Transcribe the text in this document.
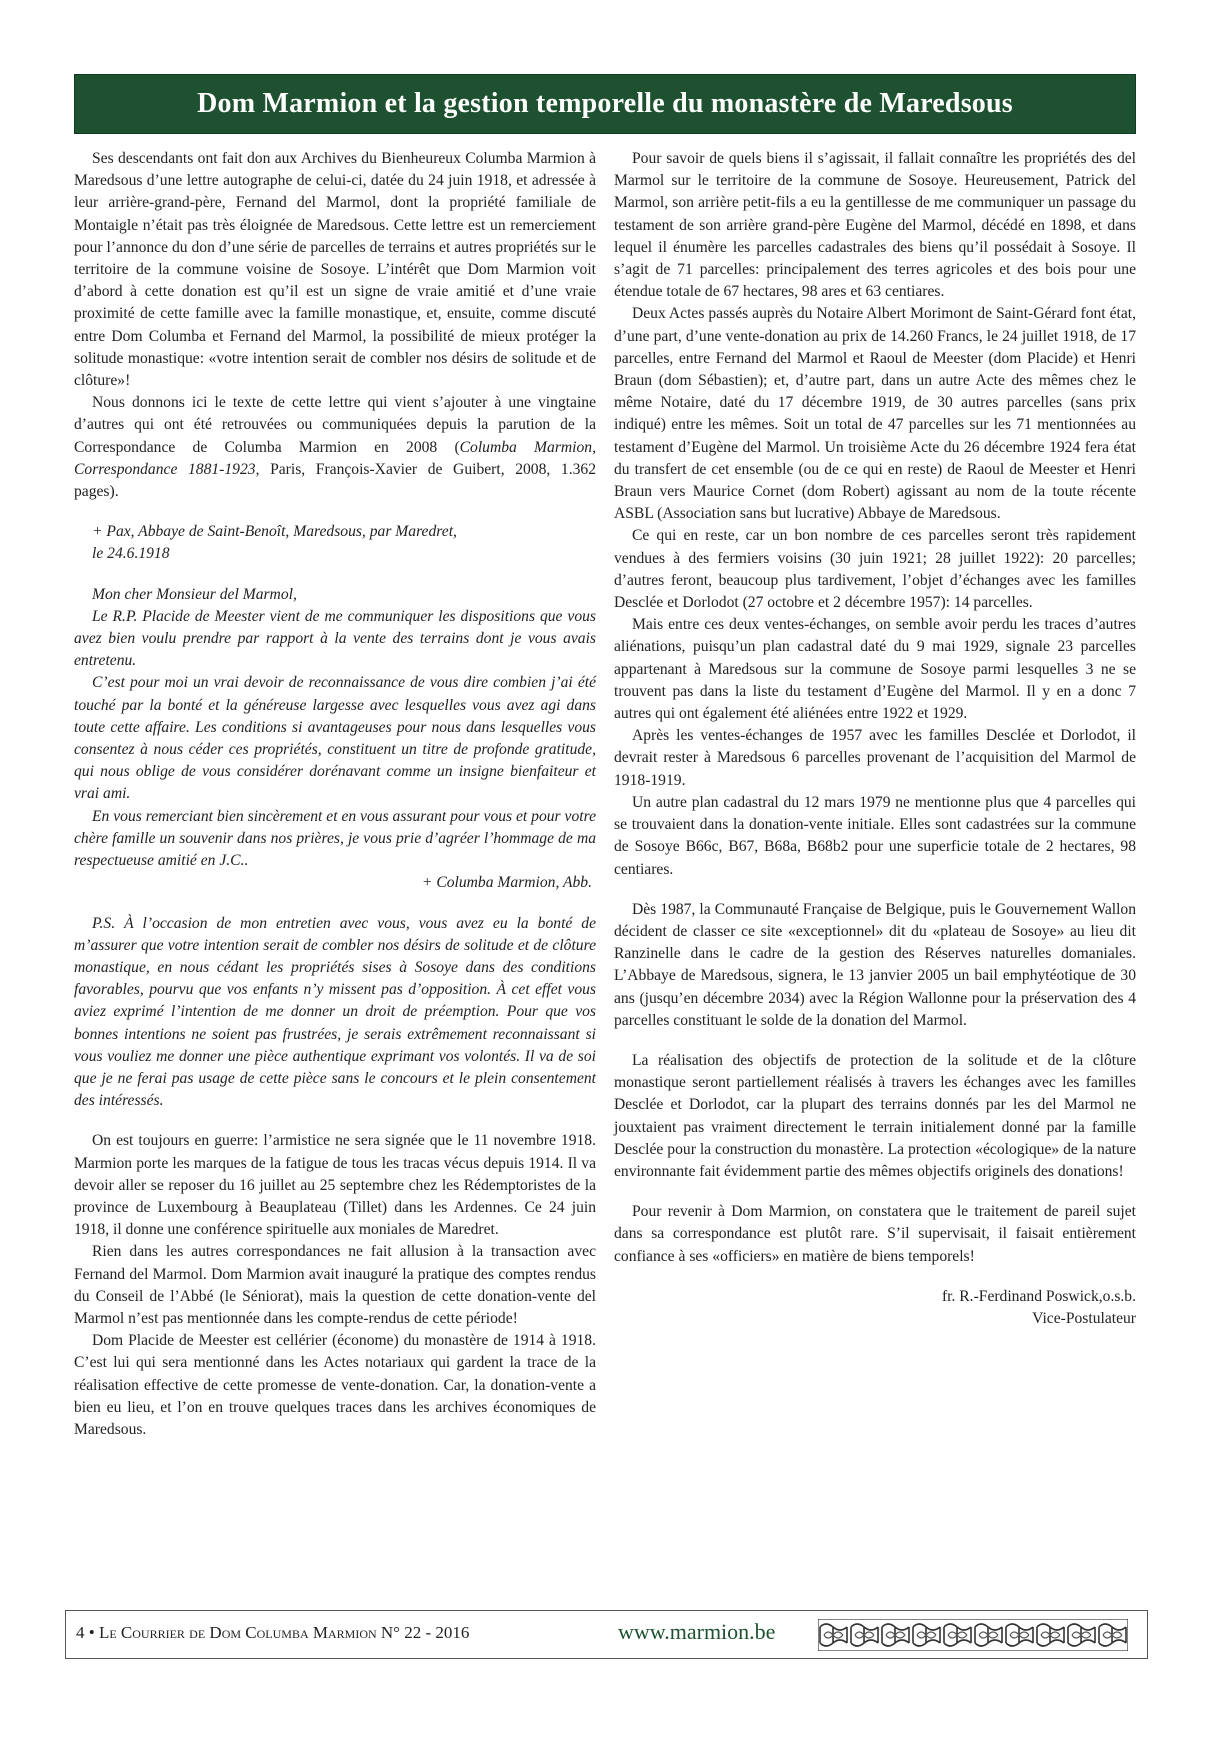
Dom Marmion et la gestion temporelle du monastère de Maredsous

Ses descendants ont fait don aux Archives du Bienheureux Columba Marmion à Maredsous d’une lettre autographe de celui-ci, datée du 24 juin 1918, et adressée à leur arrière-grand-père, Fernand del Marmol, dont la propriété familiale de Montaigle n’était pas très éloignée de Maredsous. Cette lettre est un remerciement pour l’annonce du don d’une série de parcelles de terrains et autres propriétés sur le territoire de la commune voisine de Sosoye. L’intérêt que Dom Marmion voit d’abord à cette donation est qu’il est un signe de vraie amitié et d’une vraie proximité de cette famille avec la famille monastique, et, ensuite, comme discuté entre Dom Columba et Fernand del Marmol, la possibilité de mieux protéger la solitude monastique: «votre intention serait de combler nos désirs de solitude et de clôture»!

Nous donnons ici le texte de cette lettre qui vient s’ajouter à une vingtaine d’autres qui ont été retrouvées ou communiquées depuis la parution de la Correspondance de Columba Marmion en 2008 (Columba Marmion, Correspondance 1881-1923, Paris, François-Xavier de Guibert, 2008, 1.362 pages).

+ Pax, Abbaye de Saint-Benoît, Maredsous, par Maredret,

le 24.6.1918

Mon cher Monsieur del Marmol,

Le R.P. Placide de Meester vient de me communiquer les dispositions que vous avez bien voulu prendre par rapport à la vente des terrains dont je vous avais entretenu.

C’est pour moi un vrai devoir de reconnaissance de vous dire combien j’ai été touché par la bonté et la généreuse largesse avec lesquelles vous avez agi dans toute cette affaire. Les conditions si avantageuses pour nous dans lesquelles vous consentez à nous céder ces propriétés, constituent un titre de profonde gratitude, qui nous oblige de vous considérer dorénavant comme un insigne bienfaiteur et vrai ami.

En vous remerciant bien sincèrement et en vous assurant pour vous et pour votre chère famille un souvenir dans nos prières, je vous prie d’agréer l’hommage de ma respectueuse amitié en J.C..

+ Columba Marmion, Abb.

P.S. À l’occasion de mon entretien avec vous, vous avez eu la bonté de m’assurer que votre intention serait de combler nos désirs de solitude et de clôture monastique, en nous cédant les propriétés sises à Sosoye dans des conditions favorables, pourvu que vos enfants n’y missent pas d’opposition. À cet effet vous aviez exprimé l’intention de me donner un droit de préemption. Pour que vos bonnes intentions ne soient pas frustrées, je serais extrêmement reconnaissant si vous vouliez me donner une pièce authentique exprimant vos volontés. Il va de soi que je ne ferai pas usage de cette pièce sans le concours et le plein consentement des intéressés.

On est toujours en guerre: l’armistice ne sera signée que le 11 novembre 1918. Marmion porte les marques de la fatigue de tous les tracas vécus depuis 1914. Il va devoir aller se reposer du 16 juillet au 25 septembre chez les Rédemptoristes de la province de Luxembourg à Beauplateau (Tillet) dans les Ardennes. Ce 24 juin 1918, il donne une conférence spirituelle aux moniales de Maredret.

Rien dans les autres correspondances ne fait allusion à la transaction avec Fernand del Marmol. Dom Marmion avait inauguré la pratique des comptes rendus du Conseil de l’Abbé (le Séniorat), mais la question de cette donation-vente del Marmol n’est pas mentionnée dans les compte-rendus de cette période!

Dom Placide de Meester est cellérier (économe) du monastère de 1914 à 1918. C’est lui qui sera mentionné dans les Actes notariaux qui gardent la trace de la réalisation effective de cette promesse de vente-donation. Car, la donation-vente a bien eu lieu, et l’on en trouve quelques traces dans les archives économiques de Maredsous.

Pour savoir de quels biens il s’agissait, il fallait connaître les propriétés des del Marmol sur le territoire de la commune de Sosoye. Heureusement, Patrick del Marmol, son arrière petit-fils a eu la gentillesse de me communiquer un passage du testament de son arrière grand-père Eugène del Marmol, décédé en 1898, et dans lequel il énumère les parcelles cadastrales des biens qu’il possédait à Sosoye. Il s’agit de 71 parcelles: principalement des terres agricoles et des bois pour une étendue totale de 67 hectares, 98 ares et 63 centiares.

Deux Actes passés auprès du Notaire Albert Morimont de Saint-Gérard font état, d’une part, d’une vente-donation au prix de 14.260 Francs, le 24 juillet 1918, de 17 parcelles, entre Fernand del Marmol et Raoul de Meester (dom Placide) et Henri Braun (dom Sébastien); et, d’autre part, dans un autre Acte des mêmes chez le même Notaire, daté du 17 décembre 1919, de 30 autres parcelles (sans prix indiqué) entre les mêmes. Soit un total de 47 parcelles sur les 71 mentionnées au testament d’Eugène del Marmol. Un troisième Acte du 26 décembre 1924 fera état du transfert de cet ensemble (ou de ce qui en reste) de Raoul de Meester et Henri Braun vers Maurice Cornet (dom Robert) agissant au nom de la toute récente ASBL (Association sans but lucrative) Abbaye de Maredsous.

Ce qui en reste, car un bon nombre de ces parcelles seront très rapidement vendues à des fermiers voisins (30 juin 1921; 28 juillet 1922): 20 parcelles; d’autres feront, beaucoup plus tardivement, l’objet d’échanges avec les familles Desclée et Dorlodot (27 octobre et 2 décembre 1957): 14 parcelles.

Mais entre ces deux ventes-échanges, on semble avoir perdu les traces d’autres aliénations, puisqu’un plan cadastral daté du 9 mai 1929, signale 23 parcelles appartenant à Maredsous sur la commune de Sosoye parmi lesquelles 3 ne se trouvent pas dans la liste du testament d’Eugène del Marmol. Il y en a donc 7 autres qui ont également été aliénées entre 1922 et 1929.

Après les ventes-échanges de 1957 avec les familles Desclée et Dorlodot, il devrait rester à Maredsous 6 parcelles provenant de l’acquisition del Marmol de 1918-1919.

Un autre plan cadastral du 12 mars 1979 ne mentionne plus que 4 parcelles qui se trouvaient dans la donation-vente initiale. Elles sont cadastrées sur la commune de Sosoye B66c, B67, B68a, B68b2 pour une superficie totale de 2 hectares, 98 centiares.

Dès 1987, la Communauté Française de Belgique, puis le Gouvernement Wallon décident de classer ce site «exceptionnel» dit du «plateau de Sosoye» au lieu dit Ranzinelle dans le cadre de la gestion des Réserves naturelles domaniales. L’Abbaye de Maredsous, signera, le 13 janvier 2005 un bail emphytéotique de 30 ans (jusqu’en décembre 2034) avec la Région Wallonne pour la préservation des 4 parcelles constituant le solde de la donation del Marmol.

La réalisation des objectifs de protection de la solitude et de la clôture monastique seront partiellement réalisés à travers les échanges avec les familles Desclée et Dorlodot, car la plupart des terrains donnés par les del Marmol ne jouxtaient pas vraiment directement le terrain initialement donné par la famille Desclée pour la construction du monastère. La protection «écologique» de la nature environnante fait évidemment partie des mêmes objectifs originels des donations!

Pour revenir à Dom Marmion, on constatera que le traitement de pareil sujet dans sa correspondance est plutôt rare. S’il supervisait, il faisait entièrement confiance à ses «officiers» en matière de biens temporels!

fr. R.-Ferdinand Poswick,o.s.b.

Vice-Postulateur

4 • Le Courrier de Dom Columba Marmion N° 22 - 2016	www.marmion.be
